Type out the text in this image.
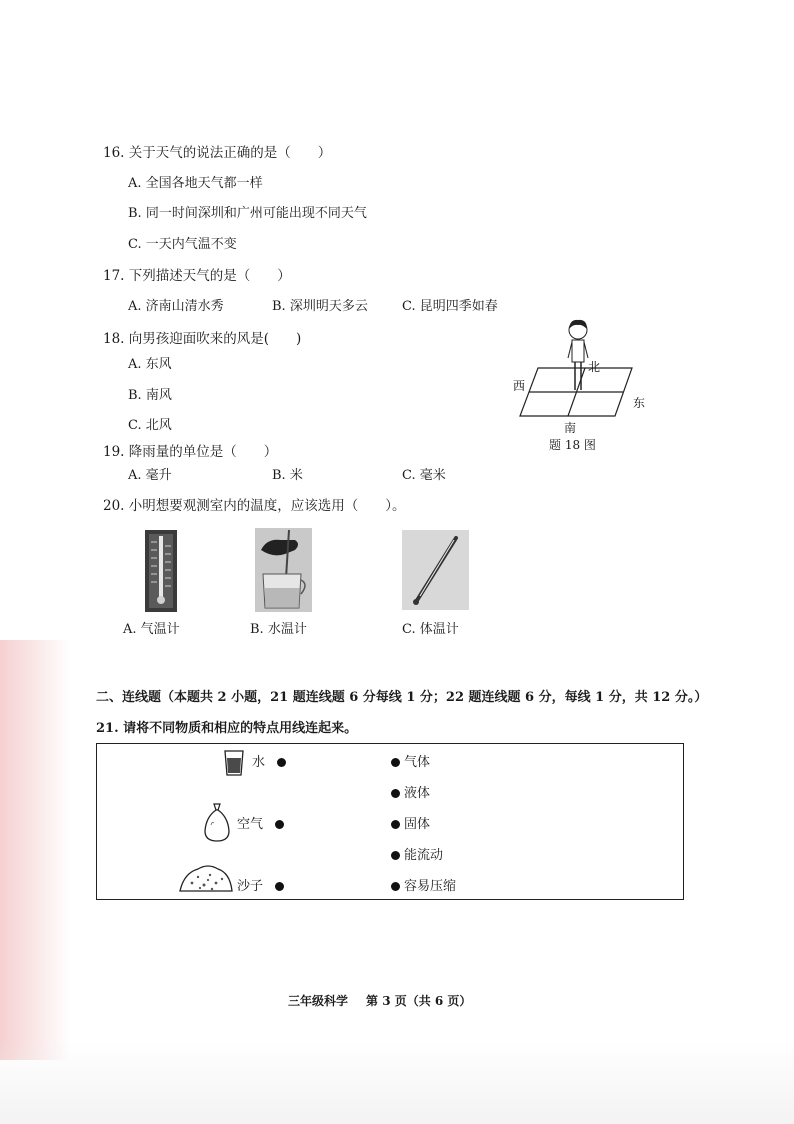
16. 关于天气的说法正确的是（　　）
A. 全国各地天气都一样
B. 同一时间深圳和广州可能出现不同天气
C. 一天内气温不变
17. 下列描述天气的是（　　）
A. 济南山清水秀	B. 深圳明天多云	C. 昆明四季如春
18. 向男孩迎面吹来的风是(　　)
A. 东风
B. 南风
C. 北风
北
南
东
西
题 18 图
19. 降雨量的单位是（　　）
A. 毫升	B. 米	C. 毫米
20. 小明想要观测室内的温度，应该选用（　　）。
A. 气温计	B. 水温计	C. 体温计
二、连线题（本题共 2 小题，21 题连线题 6 分每线 1 分；22 题连线题 6 分，每线 1 分，共 12 分。）
21. 请将不同物质和相应的特点用线连起来。
水
空气
沙子
气体
液体
固体
能流动
容易压缩
三年级科学 第 3 页（共 6 页）
